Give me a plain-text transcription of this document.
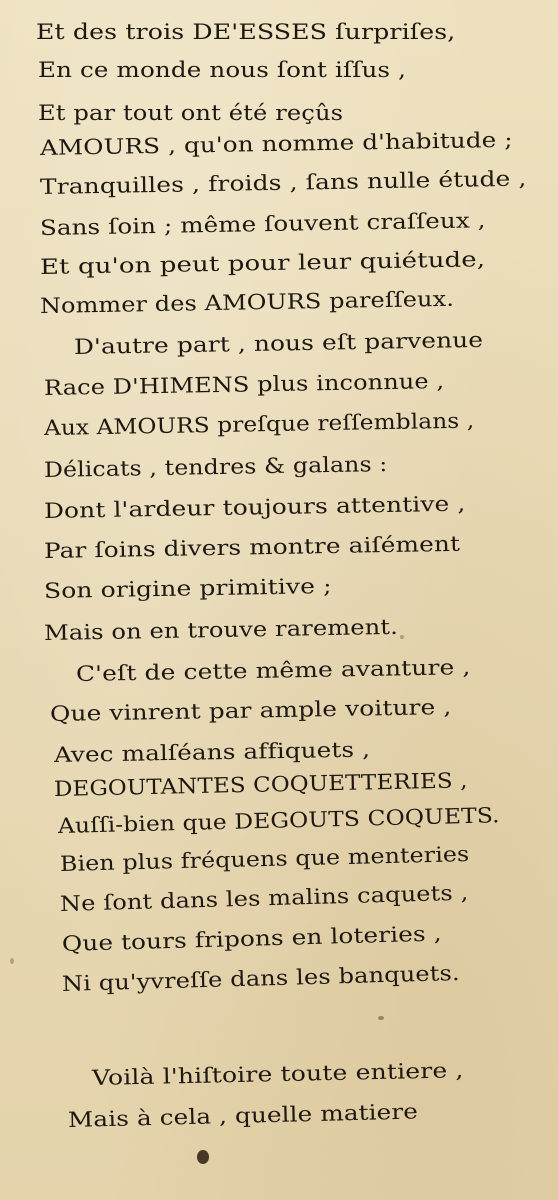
Et des trois DE'ESSES ſurpriſes,
En ce monde nous ſont iſſus ,
Et par tout ont été reçûs
AMOURS , qu'on nomme d'habitude ;
Tranquilles , froids , ſans nulle étude ,
Sans ſoin ; même ſouvent craſſeux ,
Et qu'on peut pour leur quiétude,
Nommer des AMOURS pareſſeux.
D'autre part , nous eſt parvenue
Race D'HIMENS plus inconnue ,
Aux AMOURS preſque reſſemblans ,
Délicats , tendres & galans :
Dont l'ardeur toujours attentive ,
Par ſoins divers montre aiſément
Son origine primitive ;
Mais on en trouve rarement.
C'eſt de cette même avanture ,
Que vinrent par ample voiture ,
Avec malſéans affiquets ,
DEGOUTANTES COQUETTERIES ,
Auſſi-bien que DEGOUTS COQUETS.
Bien plus fréquens que menteries
Ne ſont dans les malins caquets ,
Que tours fripons en loteries ,
Ni qu'yvreſſe dans les banquets.
Voilà l'hiſtoire toute entiere ,
Mais à cela , quelle matiere
